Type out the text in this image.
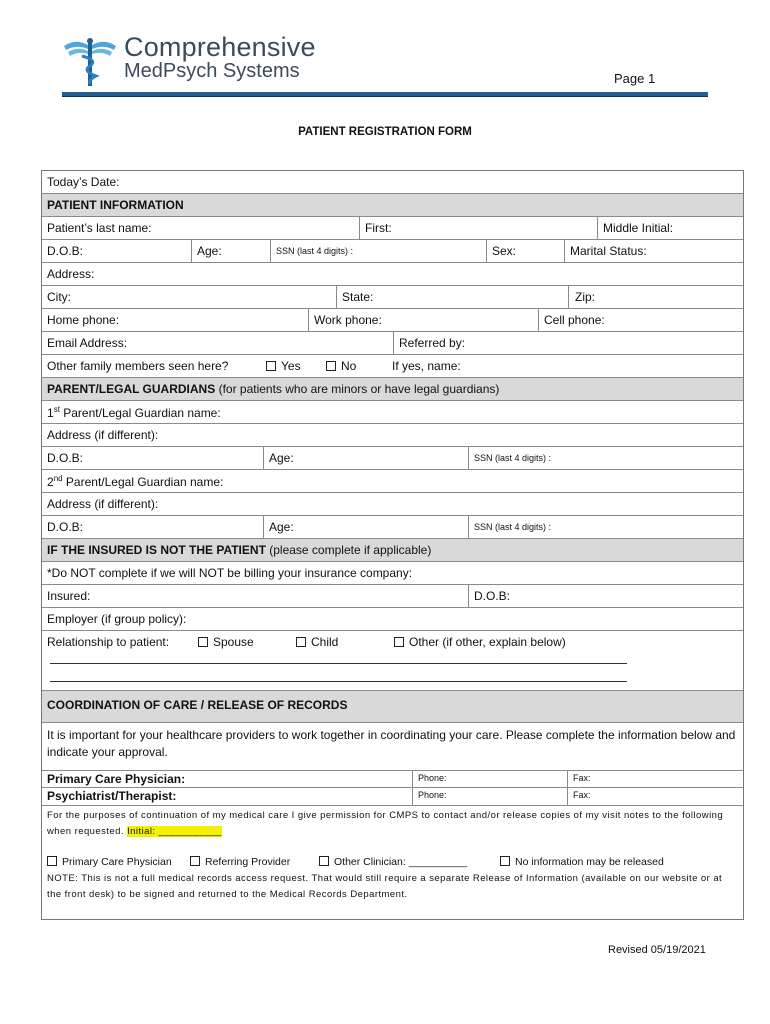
Comprehensive
MedPsych Systems	Page 1
PATIENT REGISTRATION FORM
Today’s Date:
PATIENT INFORMATION
Patient’s last name:	First:	Middle Initial:
D.O.B:	Age:	SSN (last 4 digits) :	Sex:	Marital Status:
Address:
City:	State:	Zip:
Home phone:	Work phone:	Cell phone:
Email Address:	Referred by:
Other family members seen here?	Yes	No	If yes, name:
PARENT/LEGAL GUARDIANS (for patients who are minors or have legal guardians)
1st Parent/Legal Guardian name:
Address (if different):
D.O.B:	Age:	SSN (last 4 digits) :
2nd Parent/Legal Guardian name:
Address (if different):
D.O.B:	Age:	SSN (last 4 digits) :
IF THE INSURED IS NOT THE PATIENT (please complete if applicable)
*Do NOT complete if we will NOT be billing your insurance company:
Insured:	D.O.B:
Employer (if group policy):
Relationship to patient:	Spouse	Child	Other (if other, explain below)
COORDINATION OF CARE / RELEASE OF RECORDS
It is important for your healthcare providers to work together in coordinating your care. Please complete the information below and indicate your approval.
Primary Care Physician:	Phone:	Fax:
Psychiatrist/Therapist:	Phone:	Fax:
For the purposes of continuation of my medical care I give permission for CMPS to contact and/or release copies of my visit notes to the following when requested. Initial: ___________
Primary Care Physician	Referring Provider	Other Clinician: __________	No information may be released
NOTE: This is not a full medical records access request. That would still require a separate Release of Information (available on our website or at the front desk) to be signed and returned to the Medical Records Department.
Revised 05/19/2021
